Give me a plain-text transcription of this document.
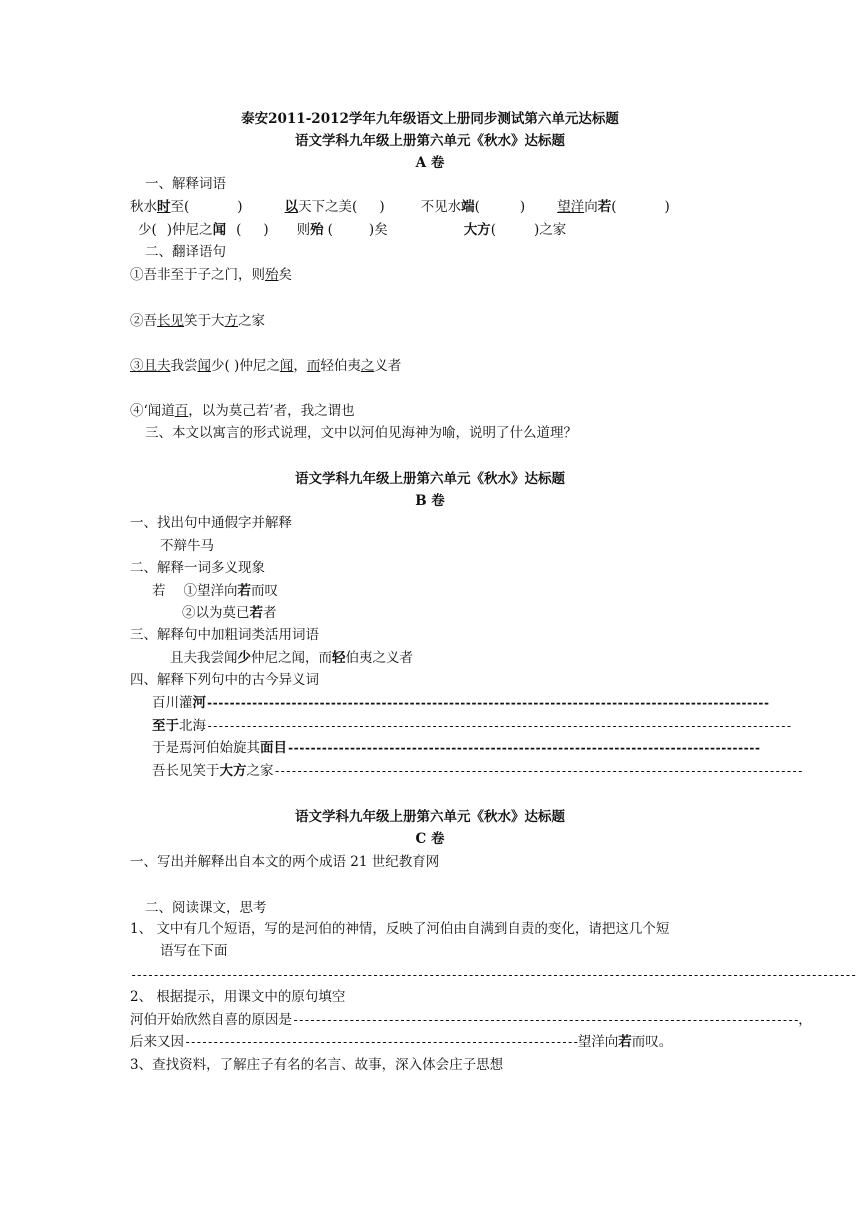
泰安2011-2012学年九年级语文上册同步测试第六单元达标题
语文学科九年级上册第六单元《秋水》达标题
A 卷
一、解释词语
秋水时至(	)	以天下之美( )	不见水端(	) 望洋向若(	)
少( )仲尼之闻 ( ) 则殆 (	)矣	大方(	)之家
二、翻译语句
①吾非至于子之门，则殆矣
②吾长见笑于大方之家
③且夫我尝闻少( )仲尼之闻，而轻伯夷之义者
④‘闻道百，以为莫己若’者，我之谓也
三、本文以寓言的形式说理，文中以河伯见海神为喻，说明了什么道理？
语文学科九年级上册第六单元《秋水》达标题
B 卷
一、找出句中通假字并解释
不辩牛马
二、解释一词多义现象
若 ①望洋向若而叹
②以为莫已若者
三、解释句中加粗词类活用词语
且夫我尝闻少仲尼之闻，而轻伯夷之义者
四、解释下列句中的古今异义词
百川灌河----------------------------------------------------------------------------------------------------
至于北海--------------------------------------------------------------------------------------------------------
于是焉河伯始旋其面目------------------------------------------------------------------------------------
吾长见笑于大方之家----------------------------------------------------------------------------------------------
语文学科九年级上册第六单元《秋水》达标题
C 卷
一、写出并解释出自本文的两个成语 21 世纪教育网
二、阅读课文，思考
1、 文中有几个短语，写的是河伯的神情，反映了河伯由自满到自责的变化，请把这几个短
语写在下面
---------------------------------------------------------------------------------------------------------------------------------
2、 根据提示，用课文中的原句填空
河伯开始欣然自喜的原因是------------------------------------------------------------------------------------------，
后来又因----------------------------------------------------------------------望洋向若而叹。
3、查找资料，了解庄子有名的名言、故事，深入体会庄子思想
